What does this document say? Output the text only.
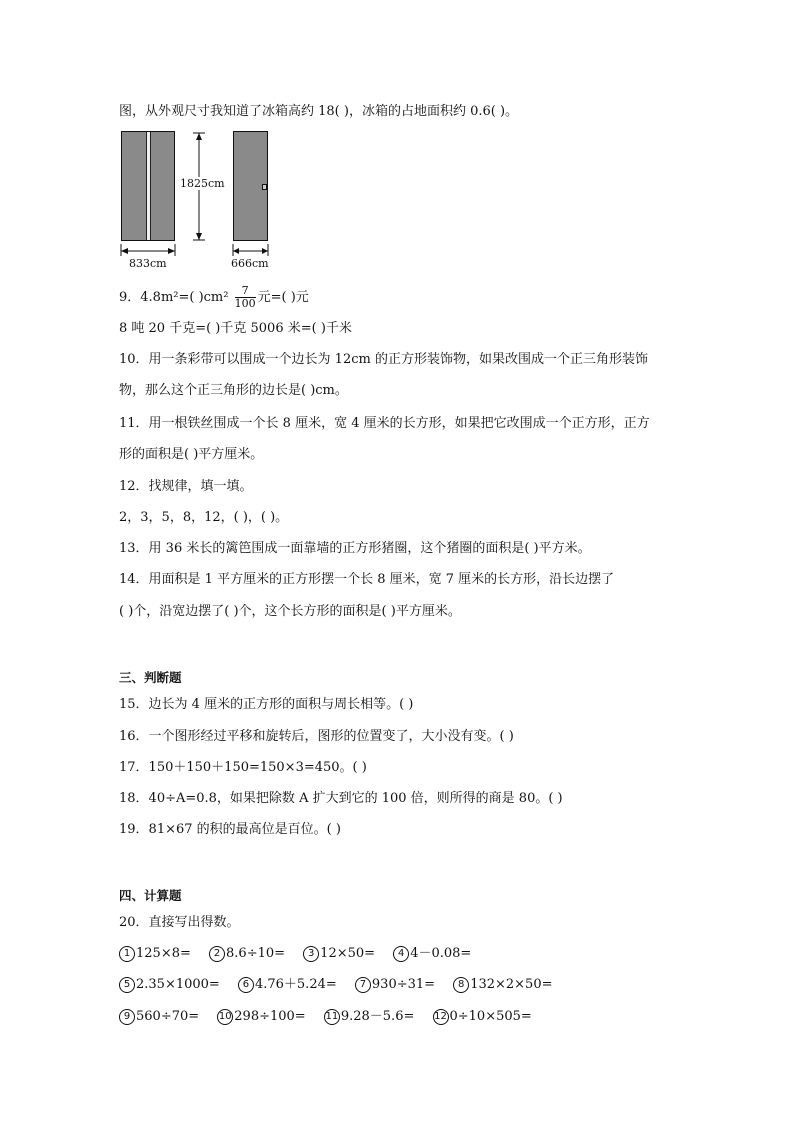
图，从外观尺寸我知道了冰箱高约 18( )，冰箱的占地面积约 0.6( )。
1825cm
833cm	666cm
9．4.8m²=( )$cm^2 \frac{7}{100}$ 元=( )元
8 吨 20 千克=( )千克 5006 米=( )千米
10．用一条彩带可以围成一个边长为 12cm 的正方形装饰物，如果改围成一个正三角形装饰
物，那么这个正三角形的边长是( )cm。
11．用一根铁丝围成一个长 8 厘米，宽 4 厘米的长方形，如果把它改围成一个正方形，正方
形的面积是( )平方厘米。
12．找规律，填一填。
2，3，5，8，12，( )，( )。
13．用 36 米长的篱笆围成一面靠墙的正方形猪圈，这个猪圈的面积是( )平方米。
14．用面积是 1 平方厘米的正方形摆一个长 8 厘米，宽 7 厘米的长方形，沿长边摆了
( )个，沿宽边摆了( )个，这个长方形的面积是( )平方厘米。
三、判断题
15．边长为 4 厘米的正方形的面积与周长相等。( )
16．一个图形经过平移和旋转后，图形的位置变了，大小没有变。( )
17．150＋150＋150=150×3=450。( )
18．40÷A=0.8，如果把除数 A 扩大到它的 100 倍，则所得的商是 80。( )
19．81×67 的积的最高位是百位。( )
四、计算题
20．直接写出得数。
1 125×8= 2 8.6÷10= 3 12×50= 4 4－0.08=
5 2.35×1000= 6 4.76＋5.24= 7 930÷31= 8 132×2×50=
9 560÷70= 10 298÷100= 11 9.28－5.6= 12 0÷10×505=
